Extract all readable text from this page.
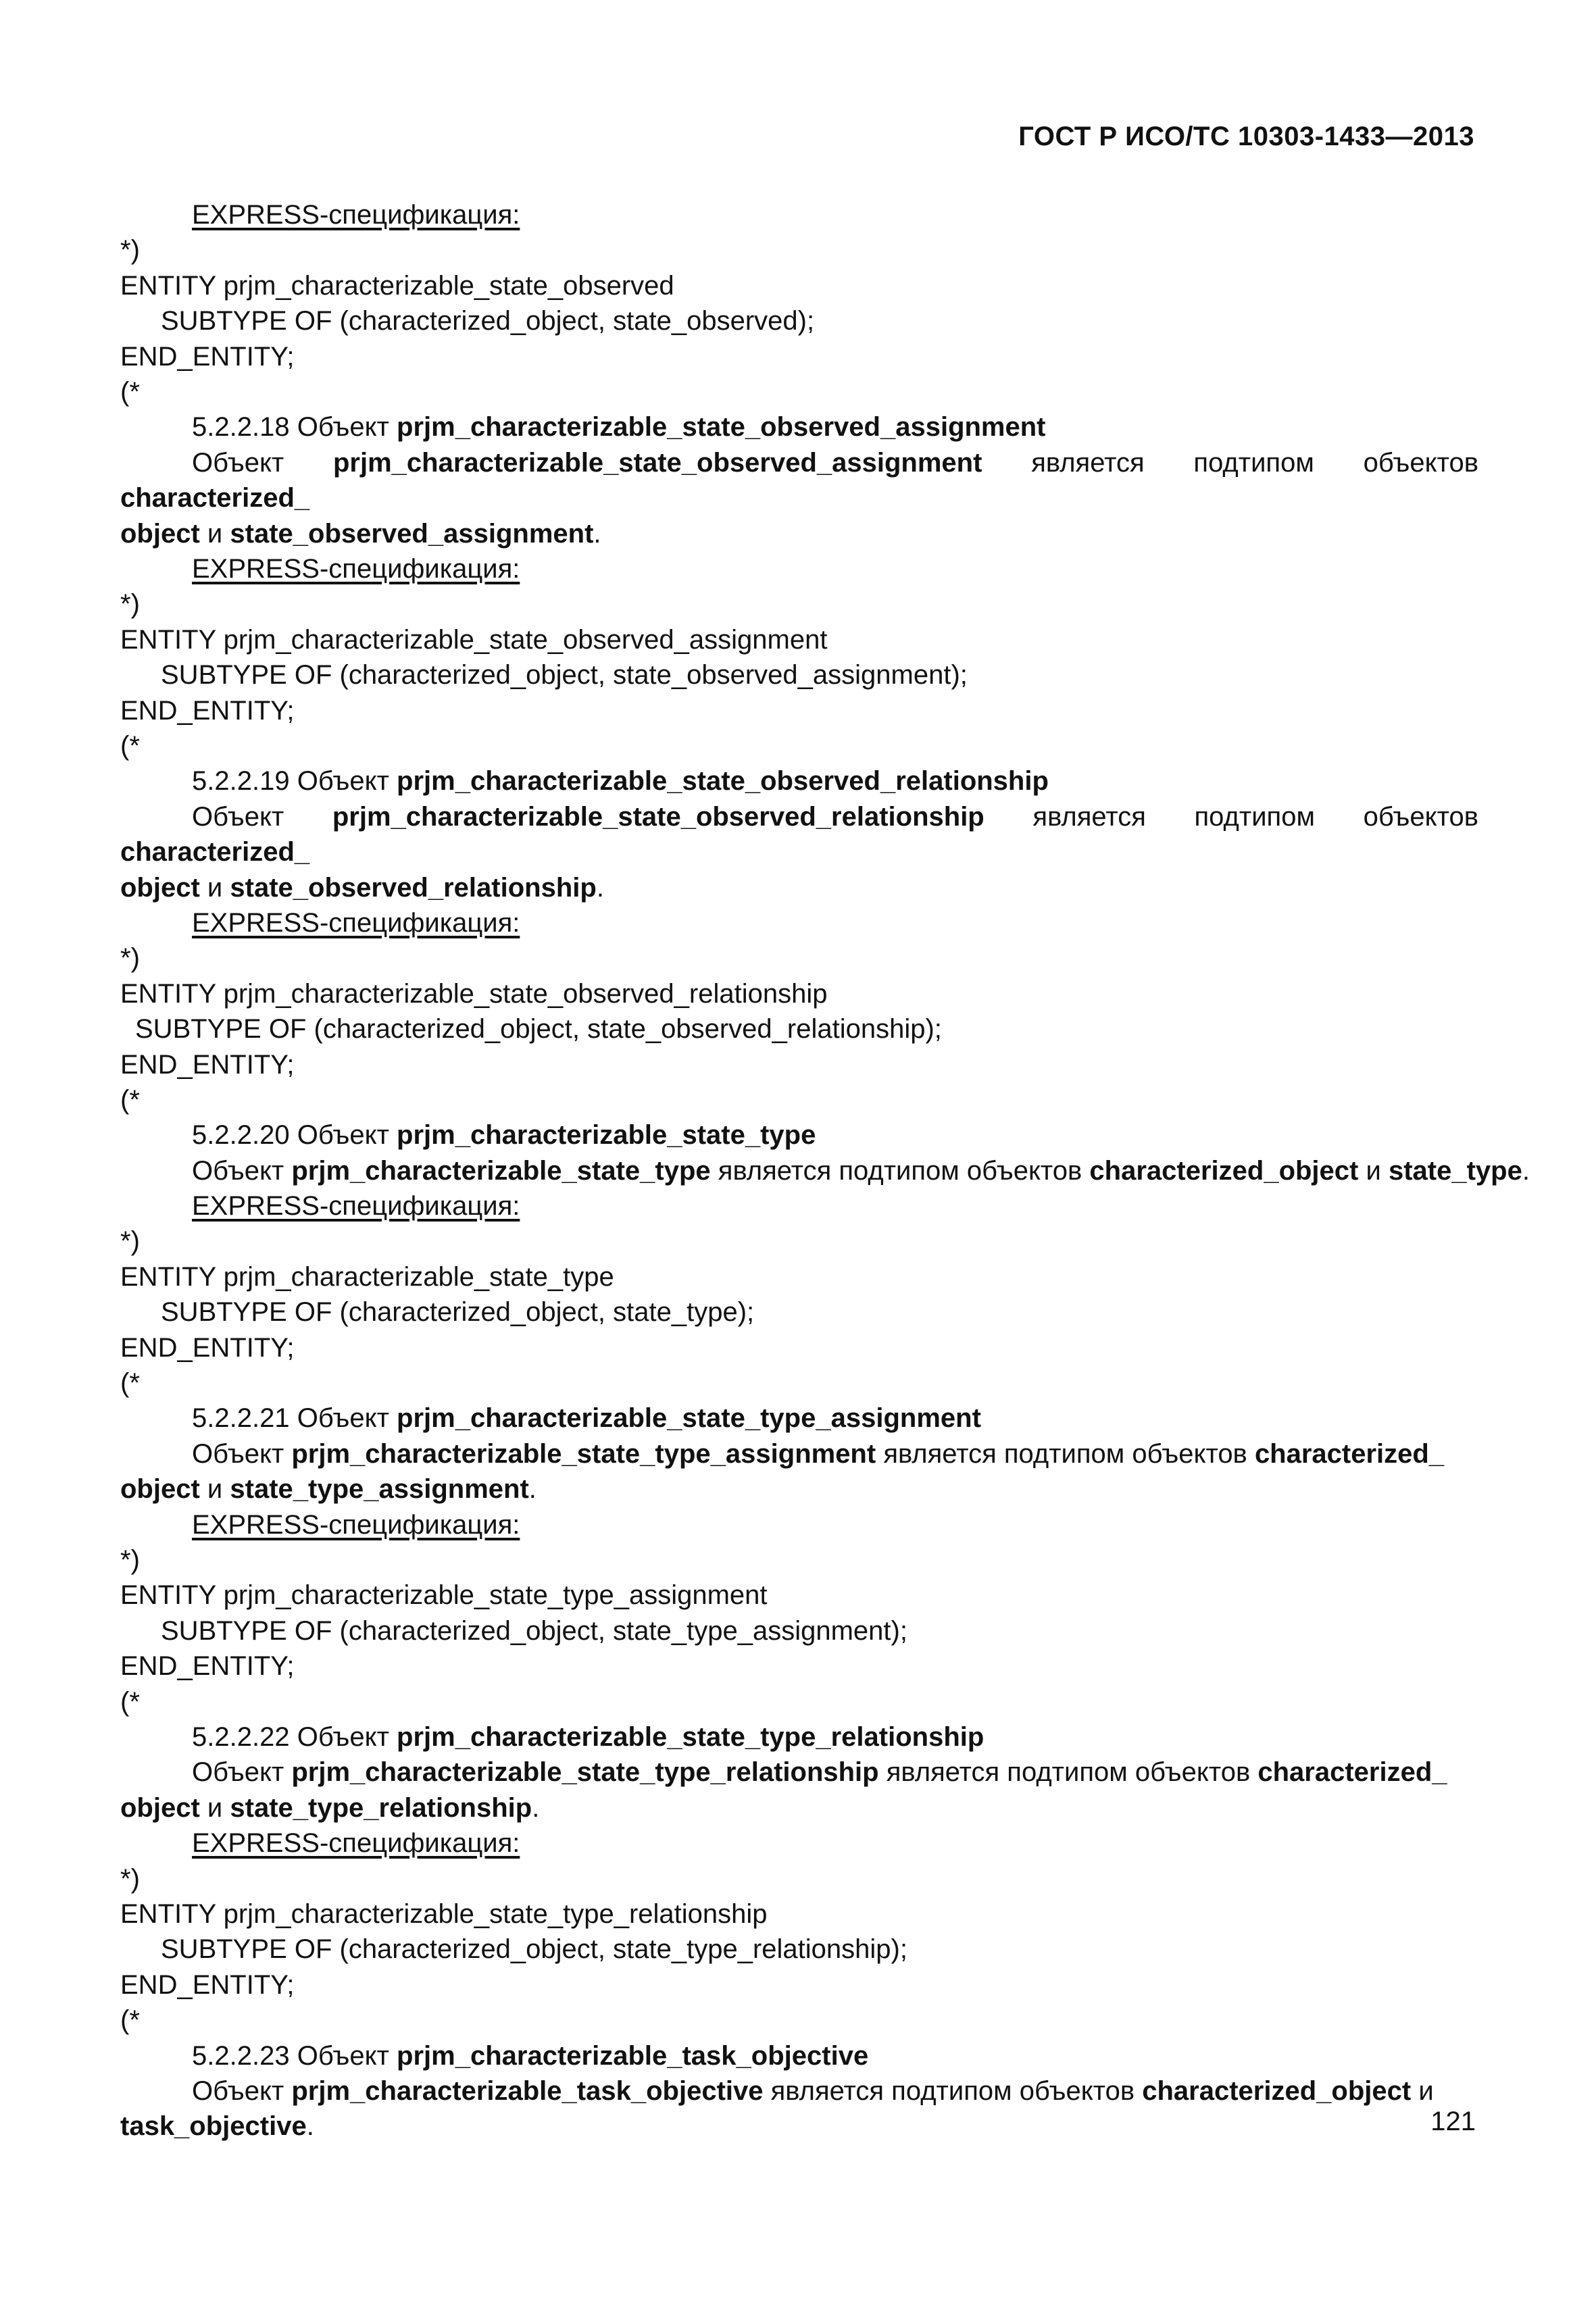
ГОСТ Р ИСО/ТС 10303-1433—2013
EXPRESS-спецификация:
*)
ENTITY prjm_characterizable_state_observed
SUBTYPE OF (characterized_object, state_observed);
END_ENTITY;
(*
5.2.2.18 Объект prjm_characterizable_state_observed_assignment
Объект prjm_characterizable_state_observed_assignment является подтипом объектов characterized_
object и state_observed_assignment.
EXPRESS-спецификация:
*)
ENTITY prjm_characterizable_state_observed_assignment
SUBTYPE OF (characterized_object, state_observed_assignment);
END_ENTITY;
(*
5.2.2.19 Объект prjm_characterizable_state_observed_relationship
Объект prjm_characterizable_state_observed_relationship является подтипом объектов characterized_
object и state_observed_relationship.
EXPRESS-спецификация:
*)
ENTITY prjm_characterizable_state_observed_relationship
SUBTYPE OF (characterized_object, state_observed_relationship);
END_ENTITY;
(*
5.2.2.20 Объект prjm_characterizable_state_type
Объект prjm_characterizable_state_type является подтипом объектов characterized_object и state_type.
EXPRESS-спецификация:
*)
ENTITY prjm_characterizable_state_type
SUBTYPE OF (characterized_object, state_type);
END_ENTITY;
(*
5.2.2.21 Объект prjm_characterizable_state_type_assignment
Объект prjm_characterizable_state_type_assignment является подтипом объектов characterized_
object и state_type_assignment.
EXPRESS-спецификация:
*)
ENTITY prjm_characterizable_state_type_assignment
SUBTYPE OF (characterized_object, state_type_assignment);
END_ENTITY;
(*
5.2.2.22 Объект prjm_characterizable_state_type_relationship
Объект prjm_characterizable_state_type_relationship является подтипом объектов characterized_
object и state_type_relationship.
EXPRESS-спецификация:
*)
ENTITY prjm_characterizable_state_type_relationship
SUBTYPE OF (characterized_object, state_type_relationship);
END_ENTITY;
(*
5.2.2.23 Объект prjm_characterizable_task_objective
Объект prjm_characterizable_task_objective является подтипом объектов characterized_object и
task_objective.	121
